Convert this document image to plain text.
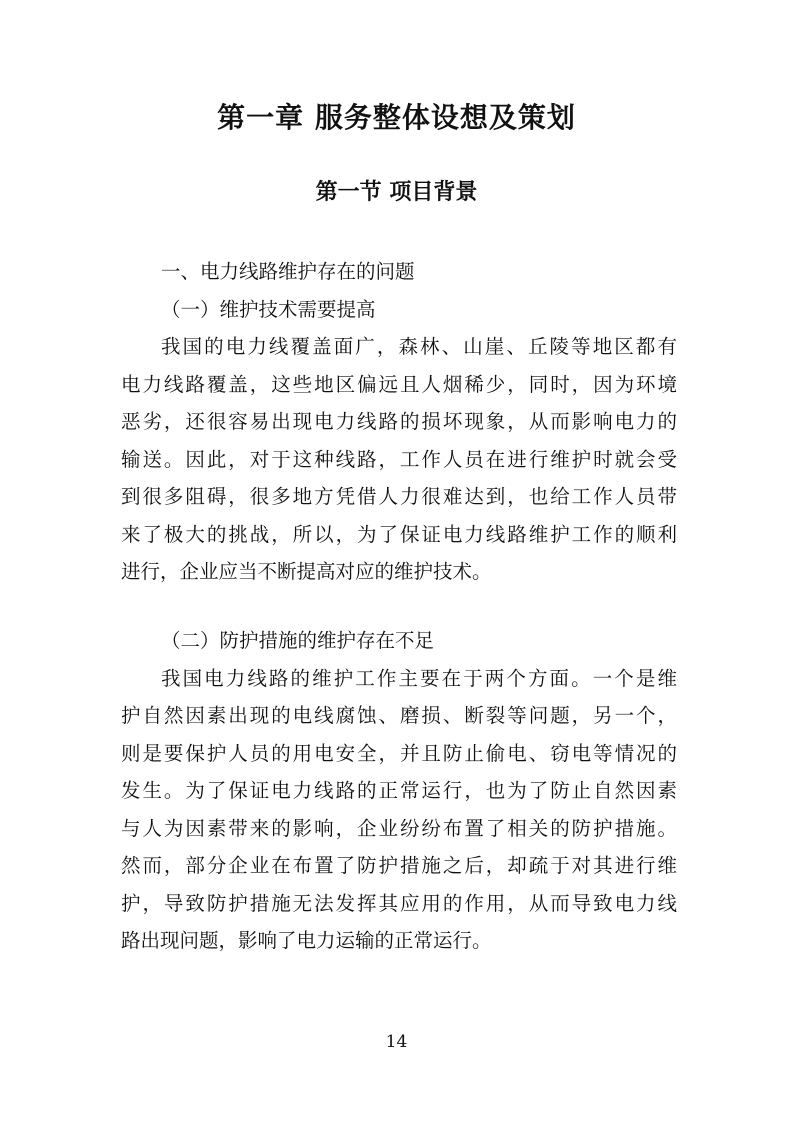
第一章 服务整体设想及策划
第一节 项目背景
一、电力线路维护存在的问题
（一）维护技术需要提高
我国的电力线覆盖面广，森林、山崖、丘陵等地区都有
电力线路覆盖，这些地区偏远且人烟稀少，同时，因为环境
恶劣，还很容易出现电力线路的损坏现象，从而影响电力的
输送。因此，对于这种线路，工作人员在进行维护时就会受
到很多阻碍，很多地方凭借人力很难达到，也给工作人员带
来了极大的挑战，所以，为了保证电力线路维护工作的顺利
进行，企业应当不断提高对应的维护技术。
（二）防护措施的维护存在不足
我国电力线路的维护工作主要在于两个方面。一个是维
护自然因素出现的电线腐蚀、磨损、断裂等问题，另一个，
则是要保护人员的用电安全，并且防止偷电、窃电等情况的
发生。为了保证电力线路的正常运行，也为了防止自然因素
与人为因素带来的影响，企业纷纷布置了相关的防护措施。
然而，部分企业在布置了防护措施之后，却疏于对其进行维
护，导致防护措施无法发挥其应用的作用，从而导致电力线
路出现问题，影响了电力运输的正常运行。
14
